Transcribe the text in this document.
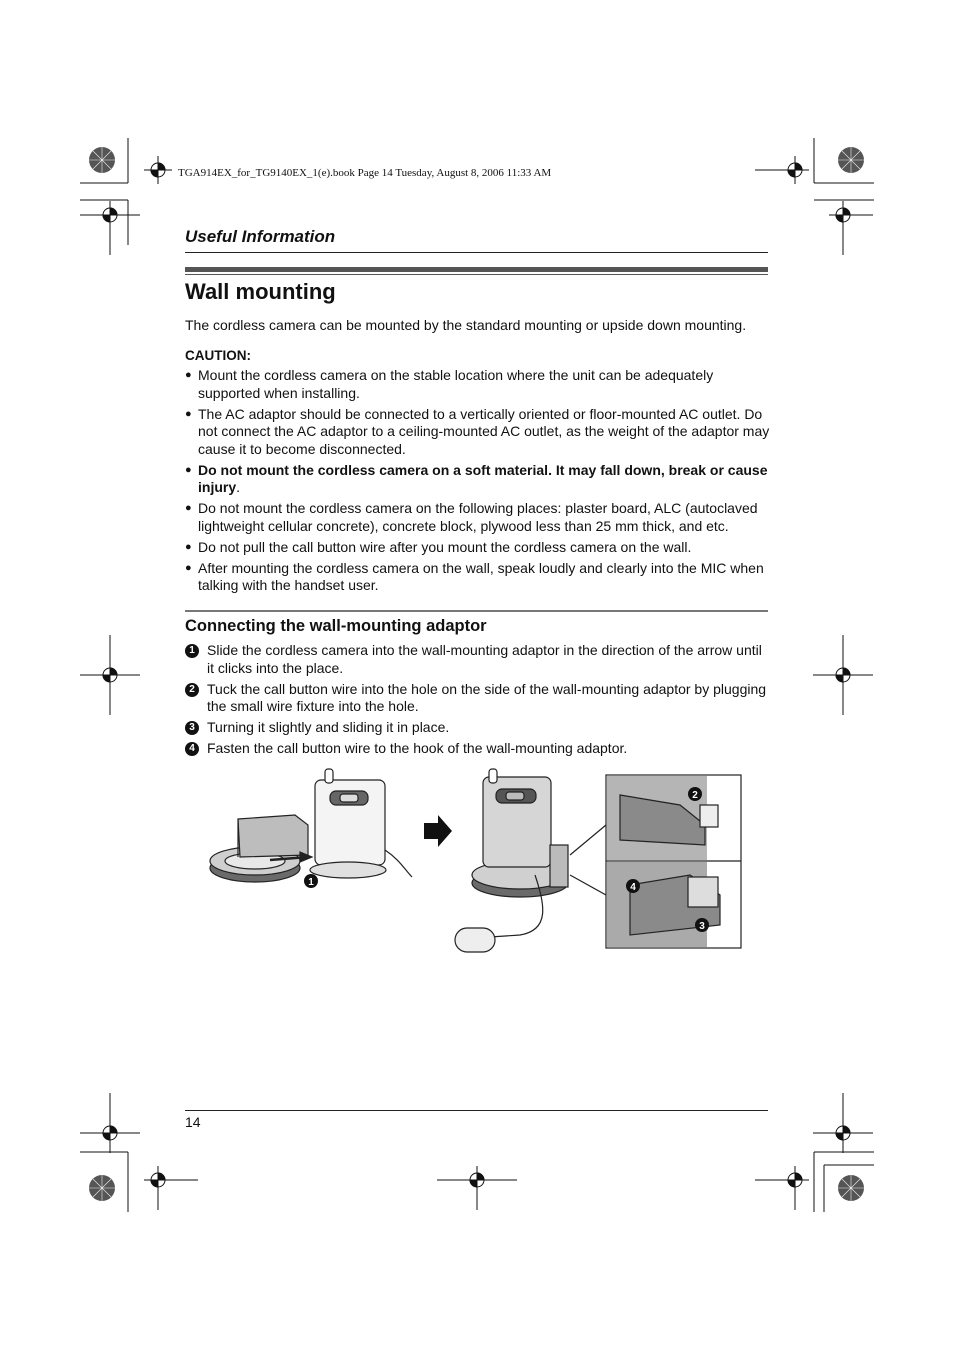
TGA914EX_for_TG9140EX_1(e).book Page 14 Tuesday, August 8, 2006 11:33 AM
Useful Information
Wall mounting
The cordless camera can be mounted by the standard mounting or upside down mounting.
CAUTION:
● Mount the cordless camera on the stable location where the unit can be adequately supported when installing.
● The AC adaptor should be connected to a vertically oriented or floor-mounted AC outlet. Do not connect the AC adaptor to a ceiling-mounted AC outlet, as the weight of the adaptor may cause it to become disconnected.
● Do not mount the cordless camera on a soft material. It may fall down, break or cause injury.
● Do not mount the cordless camera on the following places: plaster board, ALC (autoclaved lightweight cellular concrete), concrete block, plywood less than 25 mm thick, and etc.
● Do not pull the call button wire after you mount the cordless camera on the wall.
● After mounting the cordless camera on the wall, speak loudly and clearly into the MIC when talking with the handset user.
Connecting the wall-mounting adaptor
1 Slide the cordless camera into the wall-mounting adaptor in the direction of the arrow until it clicks into the place.
2 Tuck the call button wire into the hole on the side of the wall-mounting adaptor by plugging the small wire fixture into the hole.
3 Turning it slightly and sliding it in place.
4 Fasten the call button wire to the hook of the wall-mounting adaptor.
1
2
4
3
14
